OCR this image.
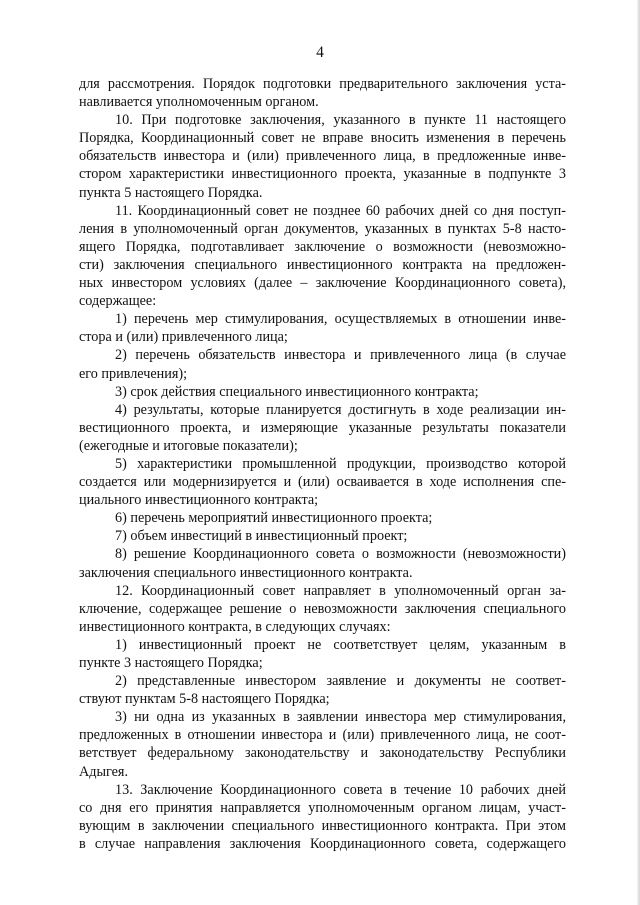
4
для рассмотрения. Порядок подготовки предварительного заключения уста-
навливается уполномоченным органом.
10. При подготовке заключения, указанного в пункте 11 настоящего
Порядка, Координационный совет не вправе вносить изменения в перечень
обязательств инвестора и (или) привлеченного лица, в предложенные инве-
стором характеристики инвестиционного проекта, указанные в подпункте 3
пункта 5 настоящего Порядка.
11. Координационный совет не позднее 60 рабочих дней со дня поступ-
ления в уполномоченный орган документов, указанных в пунктах 5-8 насто-
ящего Порядка, подготавливает заключение о возможности (невозможно-
сти) заключения специального инвестиционного контракта на предложен-
ных инвестором условиях (далее – заключение Координационного совета),
содержащее:
1) перечень мер стимулирования, осуществляемых в отношении инве-
стора и (или) привлеченного лица;
2) перечень обязательств инвестора и привлеченного лица (в случае
его привлечения);
3) срок действия специального инвестиционного контракта;
4) результаты, которые планируется достигнуть в ходе реализации ин-
вестиционного проекта, и измеряющие указанные результаты показатели
(ежегодные и итоговые показатели);
5) характеристики промышленной продукции, производство которой
создается или модернизируется и (или) осваивается в ходе исполнения спе-
циального инвестиционного контракта;
6) перечень мероприятий инвестиционного проекта;
7) объем инвестиций в инвестиционный проект;
8) решение Координационного совета о возможности (невозможности)
заключения специального инвестиционного контракта.
12. Координационный совет направляет в уполномоченный орган за-
ключение, содержащее решение о невозможности заключения специального
инвестиционного контракта, в следующих случаях:
1) инвестиционный проект не соответствует целям, указанным в
пункте 3 настоящего Порядка;
2) представленные инвестором заявление и документы не соответ-
ствуют пунктам 5-8 настоящего Порядка;
3) ни одна из указанных в заявлении инвестора мер стимулирования,
предложенных в отношении инвестора и (или) привлеченного лица, не соот-
ветствует федеральному законодательству и законодательству Республики
Адыгея.
13. Заключение Координационного совета в течение 10 рабочих дней
со дня его принятия направляется уполномоченным органом лицам, участ-
вующим в заключении специального инвестиционного контракта. При этом
в случае направления заключения Координационного совета, содержащего
